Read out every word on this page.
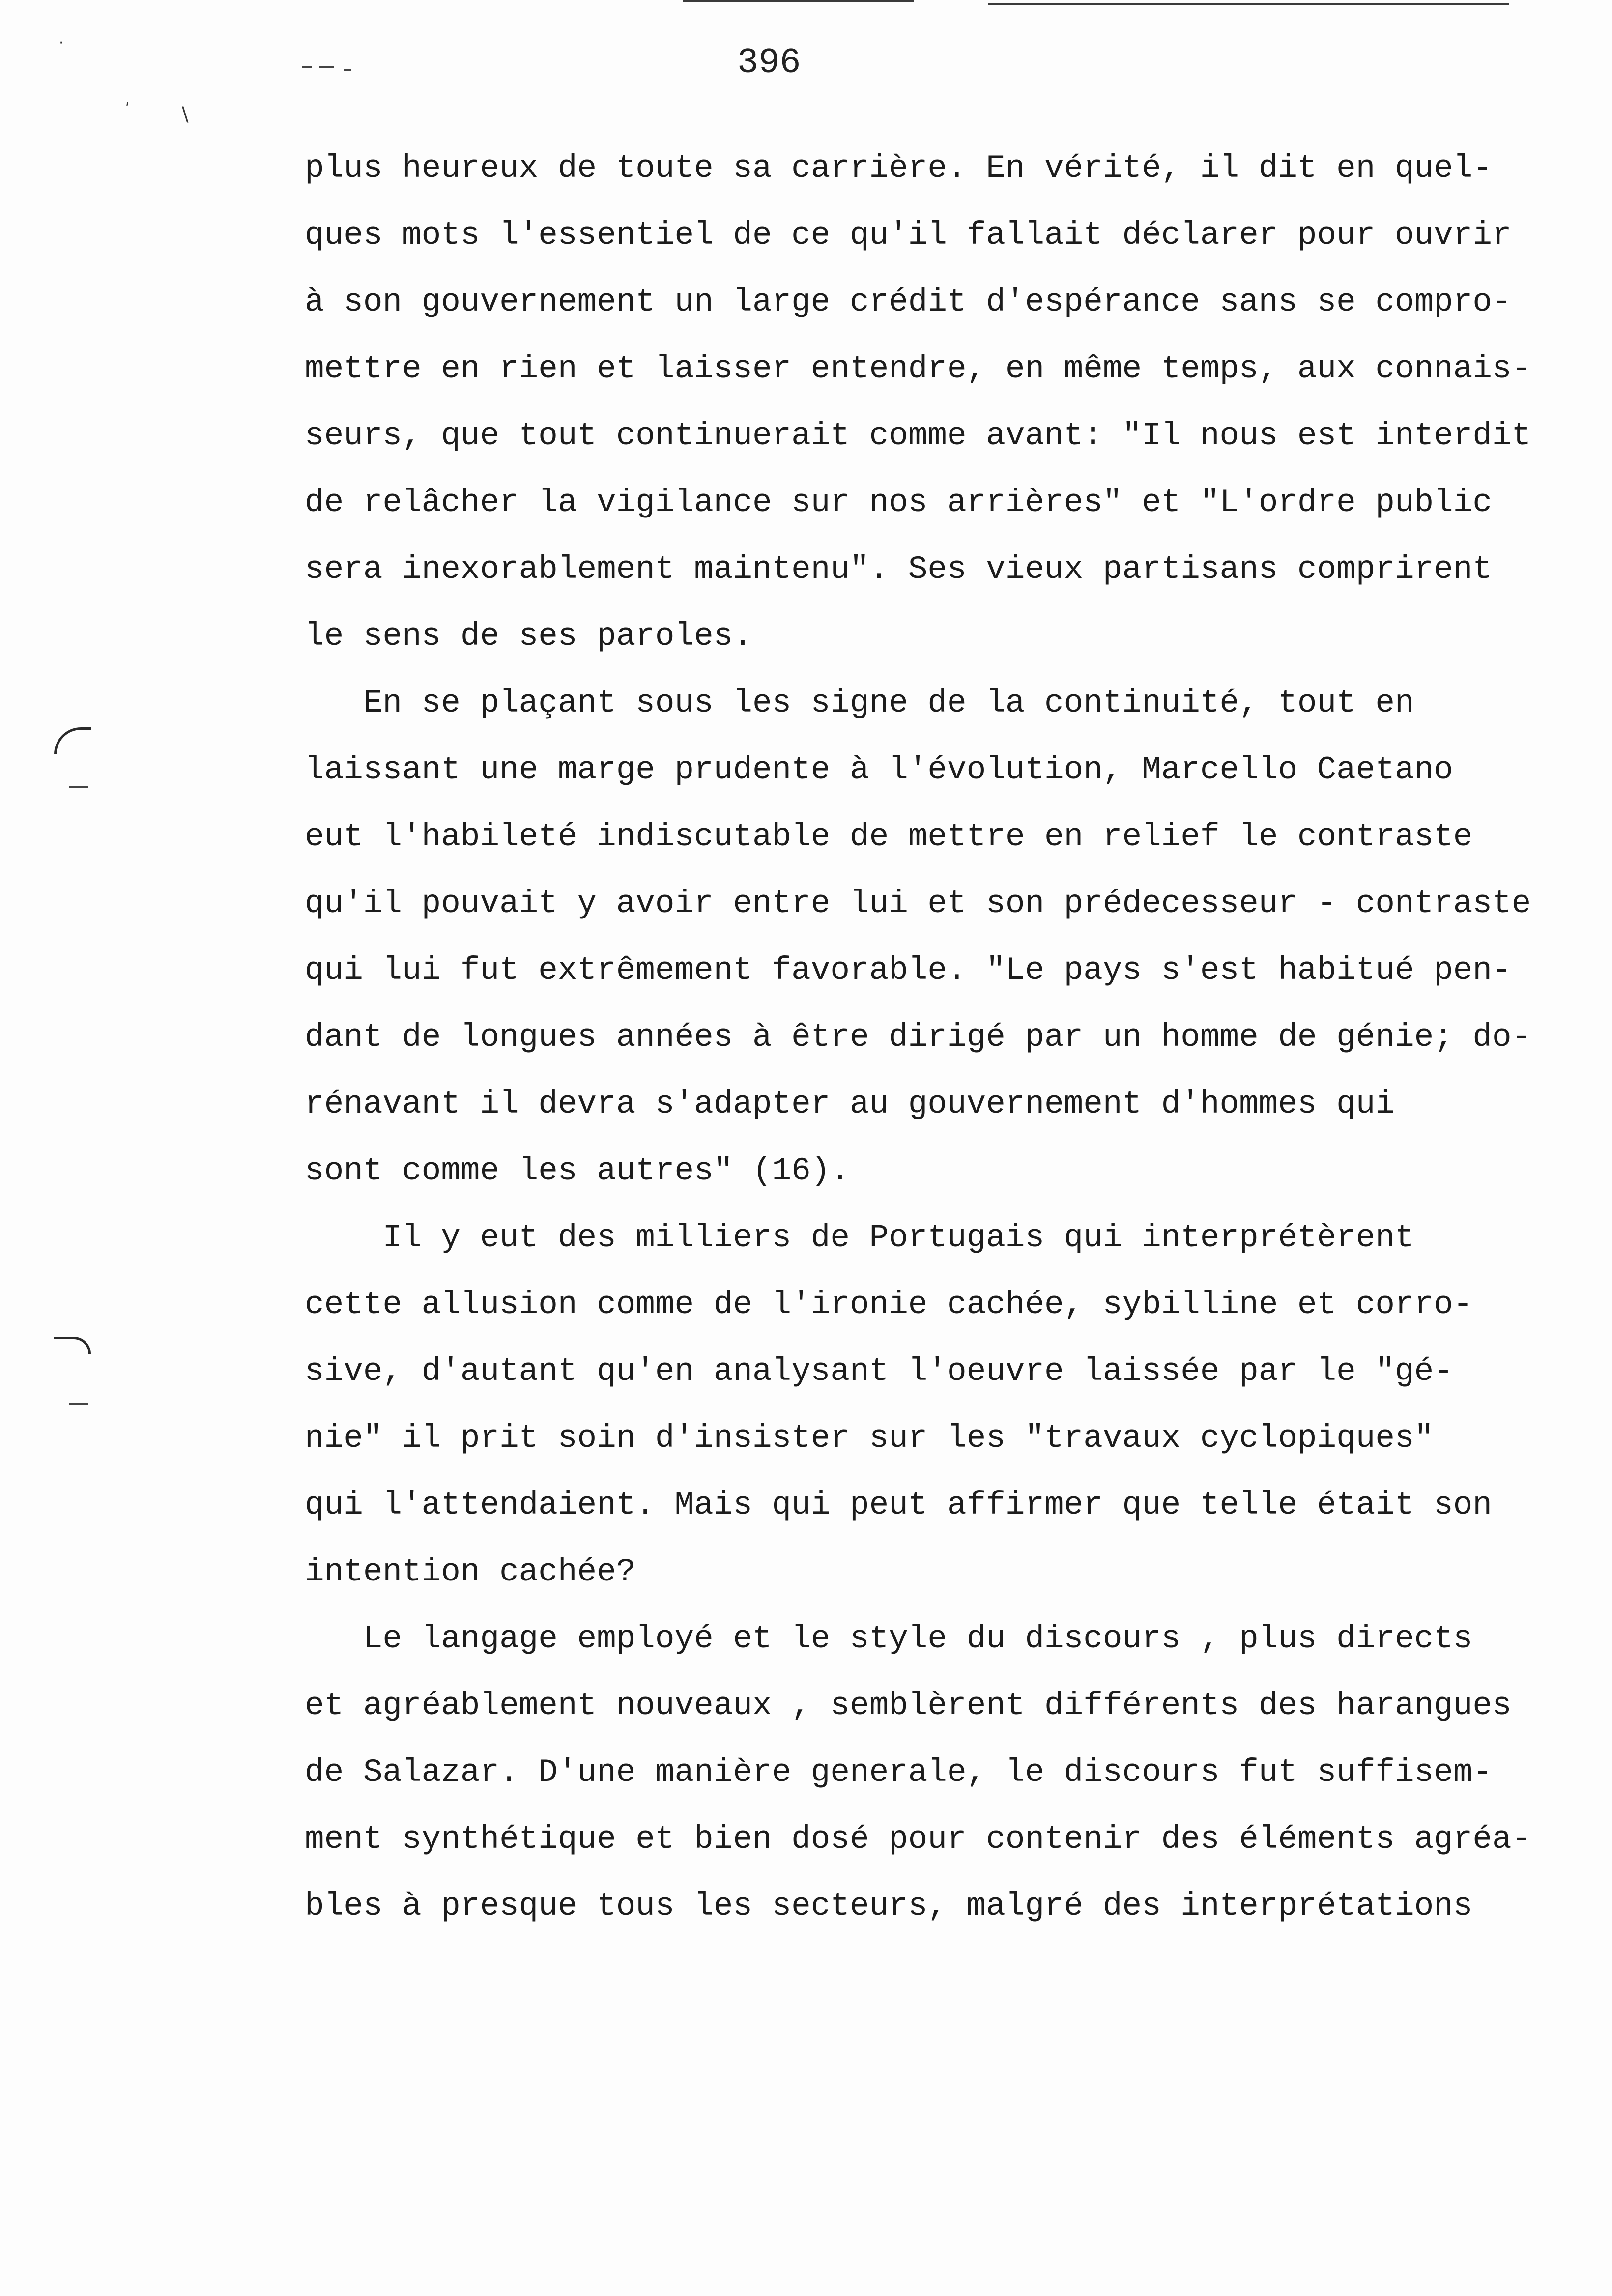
·
ʹ	\
396
plus heureux de toute sa carrière. En vérité, il dit en quel-
ques mots l'essentiel de ce qu'il fallait déclarer pour ouvrir
à son gouvernement un large crédit d'espérance sans se compro-
mettre en rien et laisser entendre, en même temps, aux connais-
seurs, que tout continuerait comme avant: "Il nous est interdit
de relâcher la vigilance sur nos arrières" et "L'ordre public
sera inexorablement maintenu". Ses vieux partisans comprirent
le sens de ses paroles.
En se plaçant sous les signe de la continuité, tout en
laissant une marge prudente à l'évolution, Marcello Caetano
eut l'habileté indiscutable de mettre en relief le contraste
qu'il pouvait y avoir entre lui et son prédecesseur - contraste
qui lui fut extrêmement favorable. "Le pays s'est habitué pen-
dant de longues années à être dirigé par un homme de génie; do-
rénavant il devra s'adapter au gouvernement d'hommes qui
sont comme les autres" (16).
Il y eut des milliers de Portugais qui interprétèrent
cette allusion comme de l'ironie cachée, sybilline et corro-
sive, d'autant qu'en analysant l'oeuvre laissée par le "gé-
nie" il prit soin d'insister sur les "travaux cyclopiques"
qui l'attendaient. Mais qui peut affirmer que telle était son
intention cachée?
Le langage employé et le style du discours , plus directs
et agréablement nouveaux , semblèrent différents des harangues
de Salazar. D'une manière generale, le discours fut suffisem-
ment synthétique et bien dosé pour contenir des éléments agréa-
bles à presque tous les secteurs, malgré des interprétations
